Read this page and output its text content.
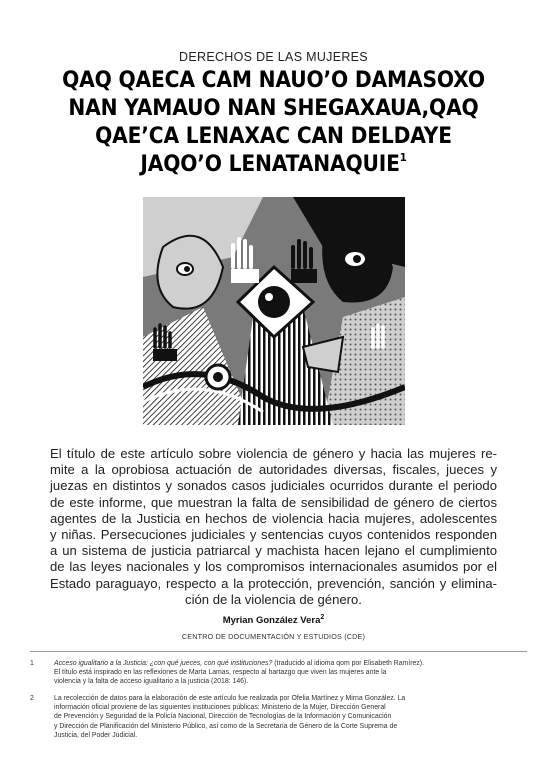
DERECHOS DE LAS MUJERES
QAQ QAECA CAM NAUO’O DAMASOXO
NAN YAMAUO NAN SHEGAXAUA,QAQ
QAE’CA LENAXAC CAN DELDAYE
JAQO’O LENATANAQUIE$^1$
El título de este artículo sobre violencia de género y hacia las mujeres re-
mite a la oprobiosa actuación de autoridades diversas, fiscales, jueces y
juezas en distintos y sonados casos judiciales ocurridos durante el periodo
de este informe, que muestran la falta de sensibilidad de género de ciertos
agentes de la Justicia en hechos de violencia hacia mujeres, adolescentes
y niñas. Persecuciones judiciales y sentencias cuyos contenidos responden
a un sistema de justicia patriarcal y machista hacen lejano el cumplimiento
de las leyes nacionales y los compromisos internacionales asumidos por el
Estado paraguayo, respecto a la protección, prevención, sanción y elimina-
ción de la violencia de género.
Myrian González Vera$^2$
CENTRO DE DOCUMENTACIÓN Y ESTUDIOS (CDE)
1	Acceso igualitario a la Justicia: ¿con qué jueces, con qué instituciones? (traducido al idioma qom por Elisabeth Ramírez).
El título está inspirado en las reflexiones de Marta Lamas, respecto al hartazgo que viven las mujeres ante la
violencia y la falta de acceso igualitario a la justicia (2018: 146).
2	La recolección de datos para la elaboración de este artículo fue realizada por Ofelia Martínez y Mirna González. La
información oficial proviene de las siguientes instituciones públicas: Ministerio de la Mujer, Dirección General
de Prevención y Seguridad de la Policía Nacional, Dirección de Tecnologías de la Información y Comunicación
y Dirección de Planificación del Ministerio Público, así como de la Secretaría de Género de la Corte Suprema de
Justicia, del Poder Judicial.
